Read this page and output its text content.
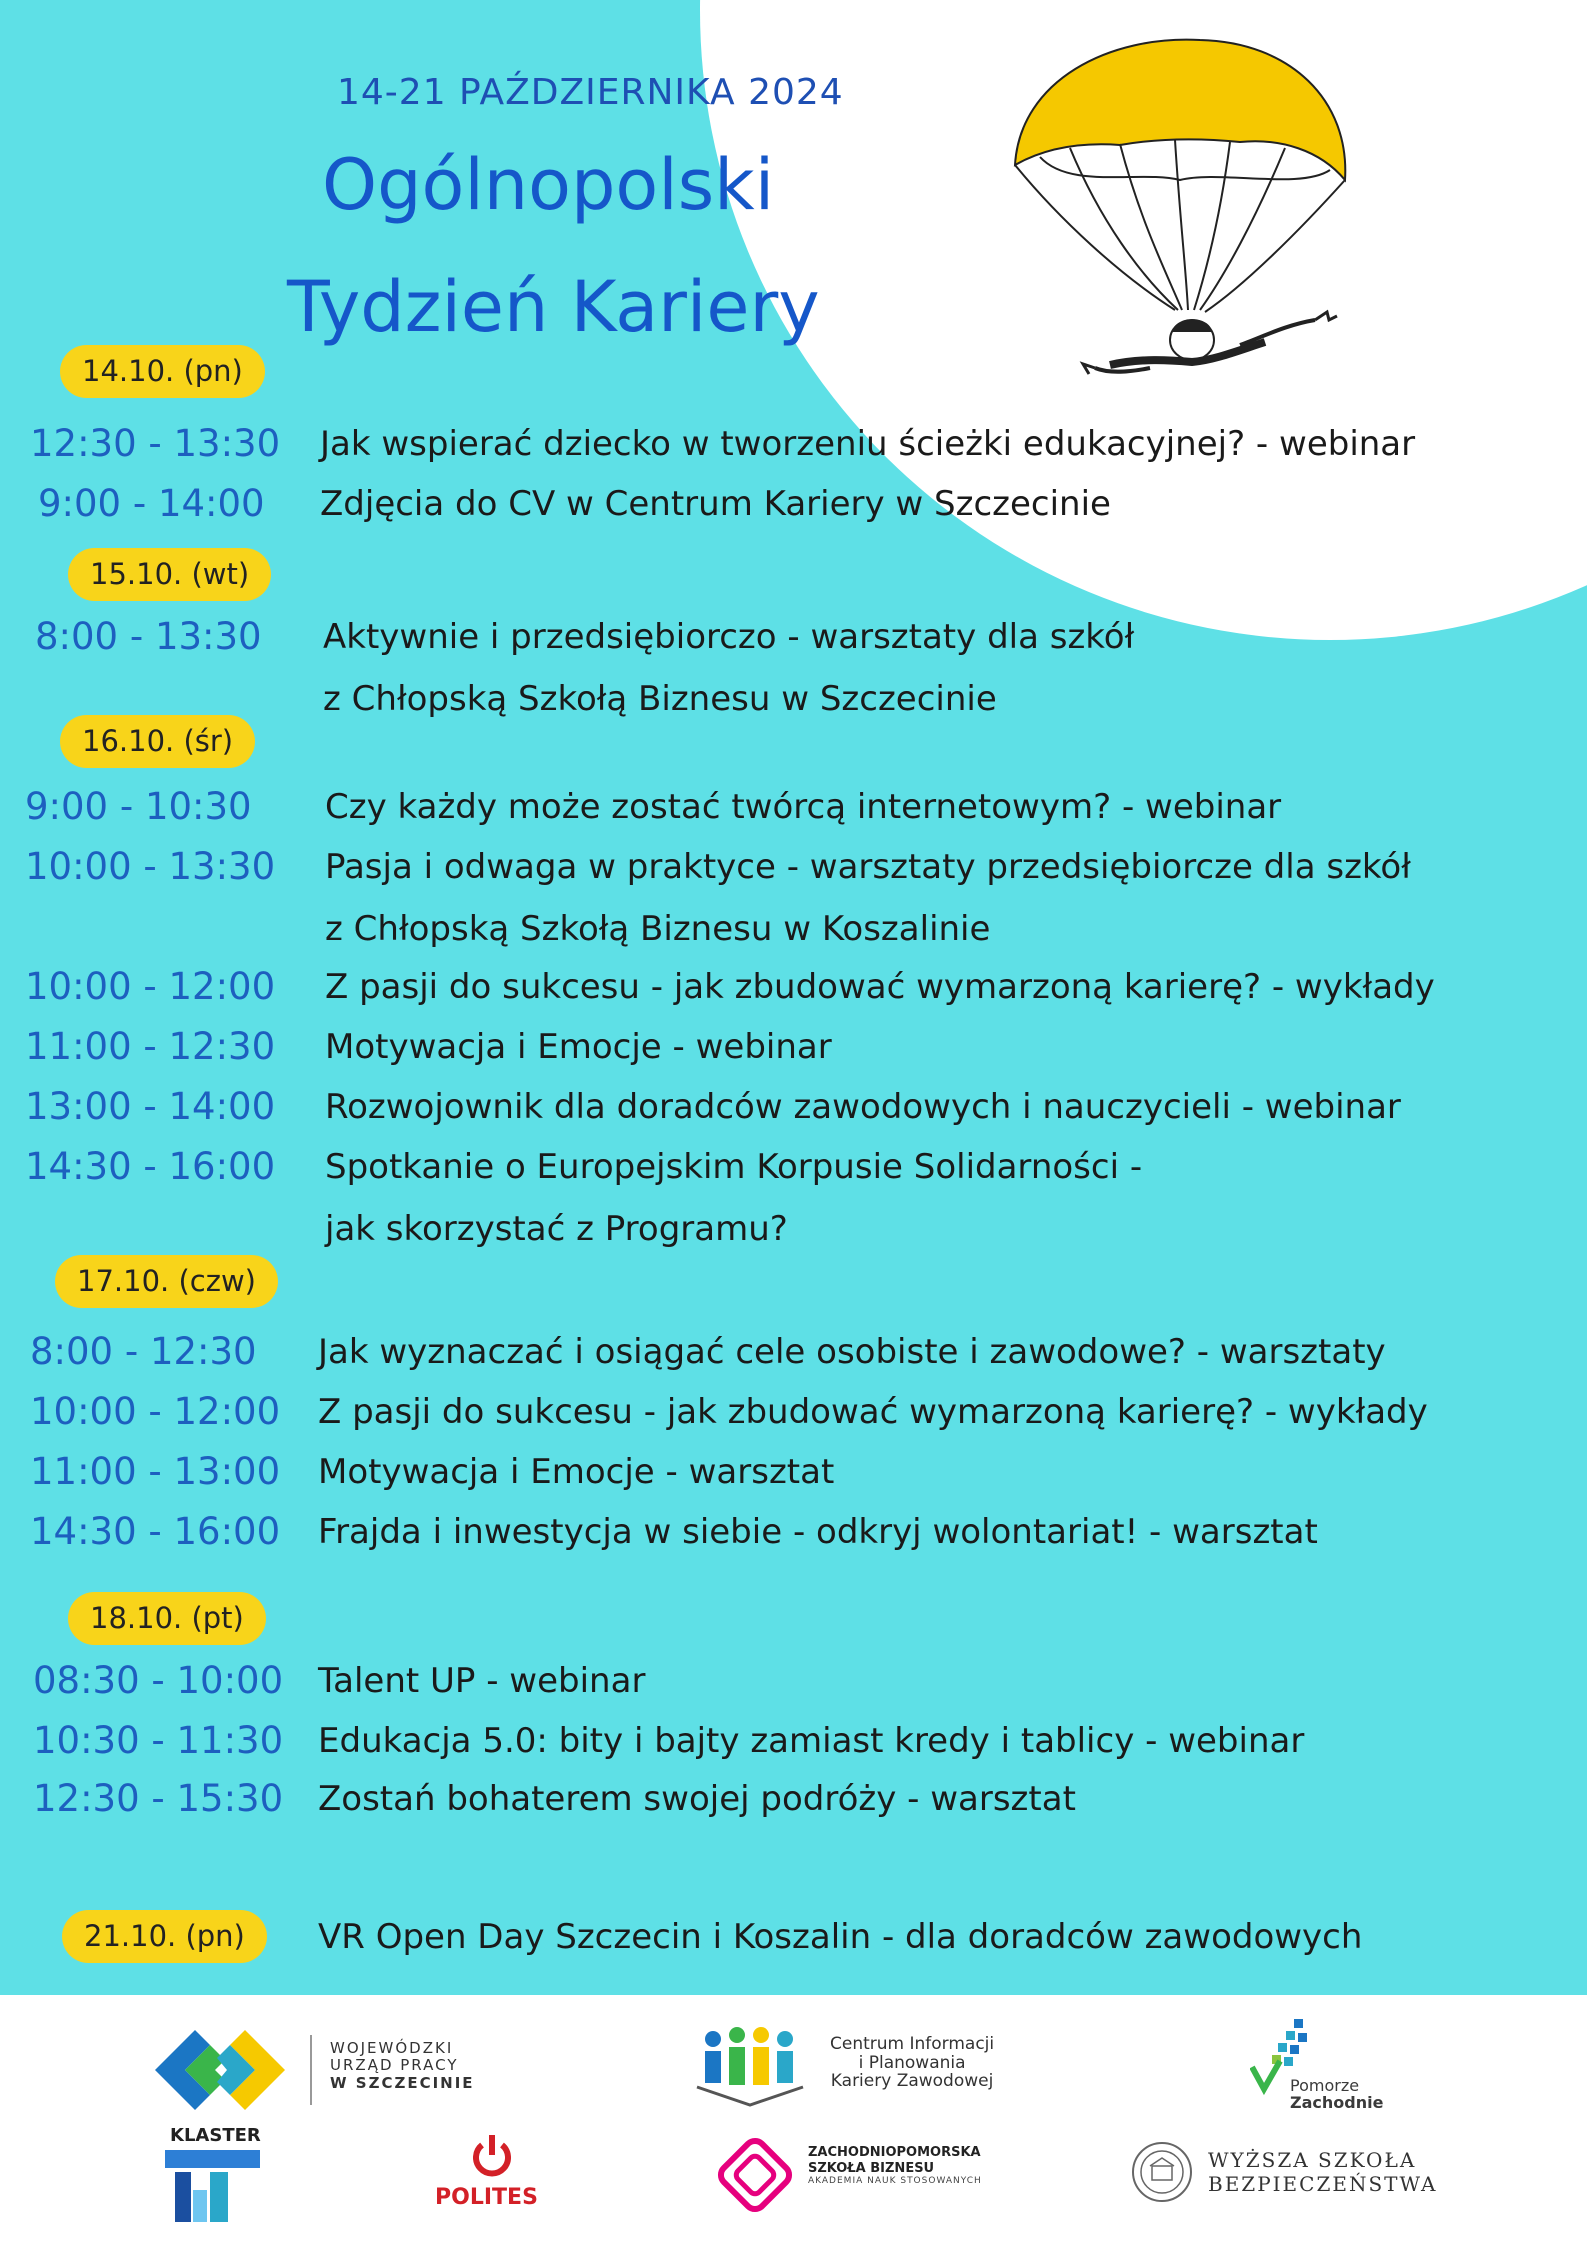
14-21 PAŹDZIERNIKA 2024
Ogólnopolski
Tydzień Kariery
14.10. (pn)
12:30 - 13:30 Jak wspierać dziecko w tworzeniu ścieżki edukacyjnej? - webinar
9:00 - 14:00 Zdjęcia do CV w Centrum Kariery w Szczecinie
15.10. (wt)
8:00 - 13:30 Aktywnie i przedsiębiorczo - warsztaty dla szkół
z Chłopską Szkołą Biznesu w Szczecinie
16.10. (śr)
9:00 - 10:30 Czy każdy może zostać twórcą internetowym? - webinar
10:00 - 13:30 Pasja i odwaga w praktyce - warsztaty przedsiębiorcze dla szkół
z Chłopską Szkołą Biznesu w Koszalinie
10:00 - 12:00 Z pasji do sukcesu - jak zbudować wymarzoną karierę? - wykłady
11:00 - 12:30 Motywacja i Emocje - webinar
13:00 - 14:00 Rozwojownik dla doradców zawodowych i nauczycieli - webinar
14:30 - 16:00 Spotkanie o Europejskim Korpusie Solidarności -
jak skorzystać z Programu?
17.10. (czw)
8:00 - 12:30 Jak wyznaczać i osiągać cele osobiste i zawodowe? - warsztaty
10:00 - 12:00 Z pasji do sukcesu - jak zbudować wymarzoną karierę? - wykłady
11:00 - 13:00 Motywacja i Emocje - warsztat
14:30 - 16:00 Frajda i inwestycja w siebie - odkryj wolontariat! - warsztat
18.10. (pt)
08:30 - 10:00 Talent UP - webinar
10:30 - 11:30 Edukacja 5.0: bity i bajty zamiast kredy i tablicy - webinar
12:30 - 15:30 Zostań bohaterem swojej podróży - warsztat
21.10. (pn)	VR Open Day Szczecin i Koszalin - dla doradców zawodowych
WOJEWÓDZKI
URZĄD PRACY
W SZCZECINIE
Centrum Informacji
i Planowania
Kariery Zawodowej	Pomorze
Zachodnie
KLASTER
POLITES
ZACHODNIOPOMORSKA
SZKOŁA BIZNESU
AKADEMIA NAUK STOSOWANYCH
WYŻSZA SZKOŁA
BEZPIECZEŃSTWA
